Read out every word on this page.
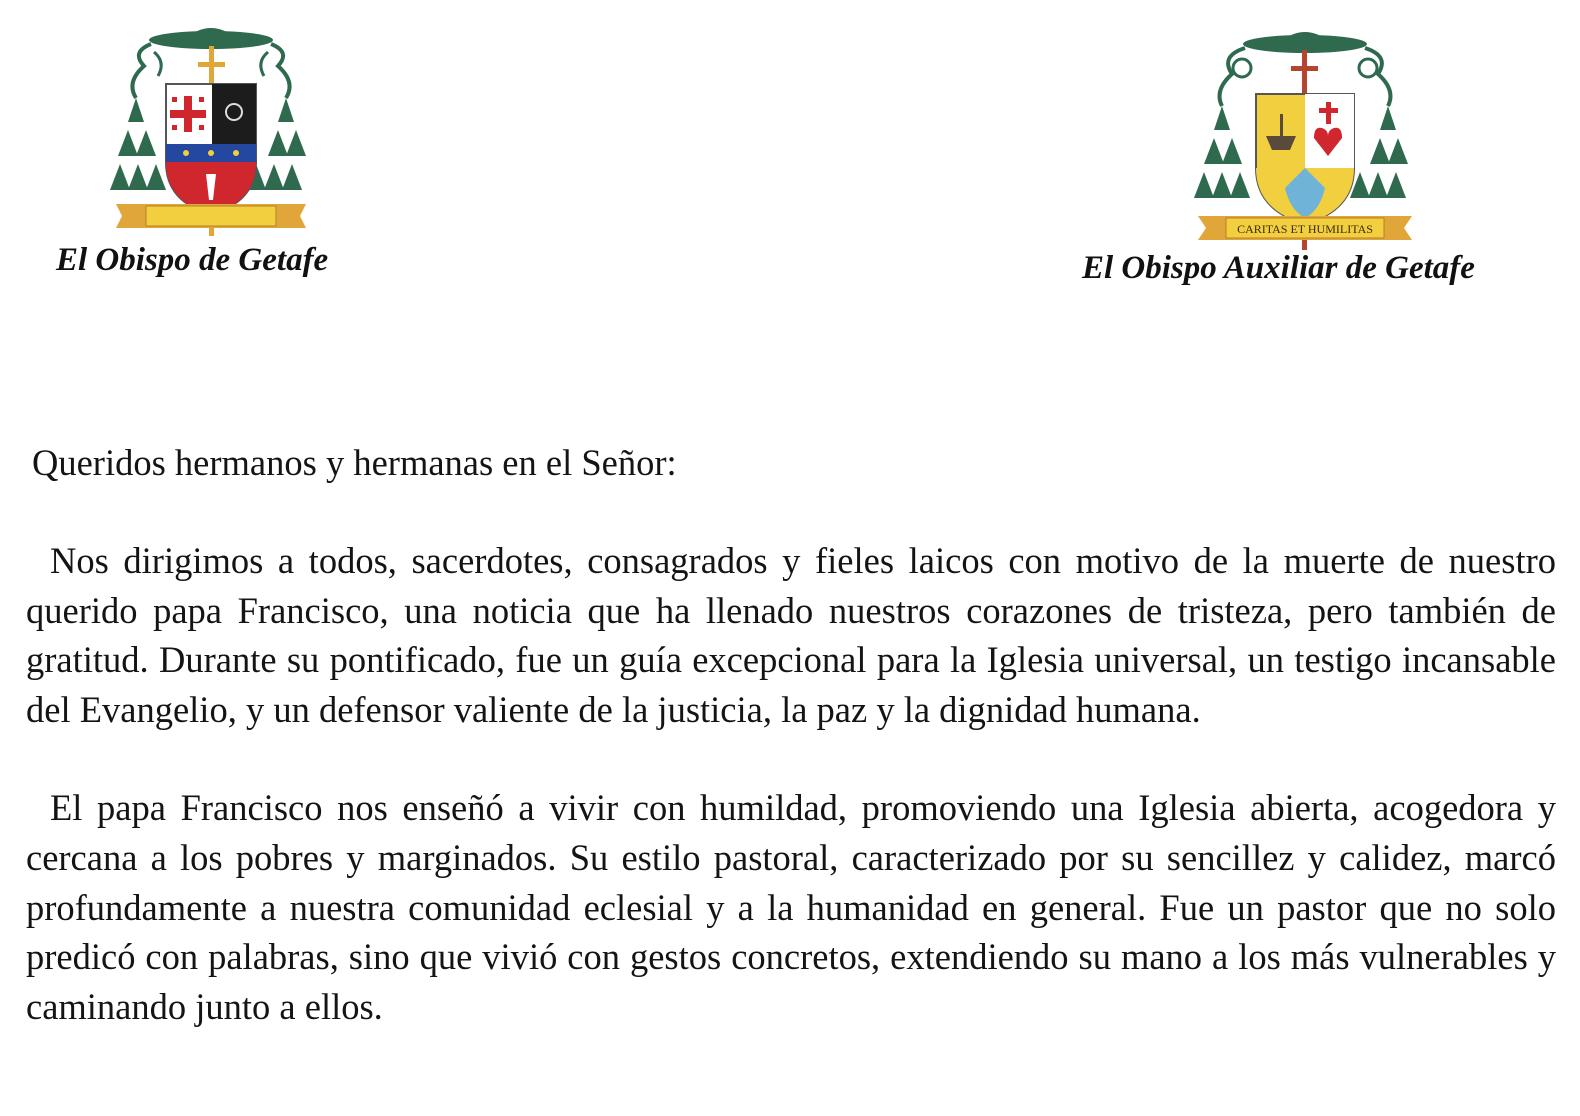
El Obispo de Getafe
CARITAS ET HUMILITAS
El Obispo Auxiliar de Getafe

Queridos hermanos y hermanas en el Señor:

Nos dirigimos a todos, sacerdotes, consagrados y fieles laicos con motivo de la muerte de nuestro querido papa Francisco, una noticia que ha llenado nuestros corazones de tristeza, pero también de gratitud. Durante su pontificado, fue un guía excepcional para la Iglesia universal, un testigo incansable del Evangelio, y un defensor valiente de la justicia, la paz y la dignidad humana.

El papa Francisco nos enseñó a vivir con humildad, promoviendo una Iglesia abierta, acogedora y cercana a los pobres y marginados. Su estilo pastoral, caracterizado por su sencillez y calidez, marcó profundamente a nuestra comunidad eclesial y a la humanidad en general. Fue un pastor que no solo predicó con palabras, sino que vivió con gestos concretos, extendiendo su mano a los más vulnerables y caminando junto a ellos.
